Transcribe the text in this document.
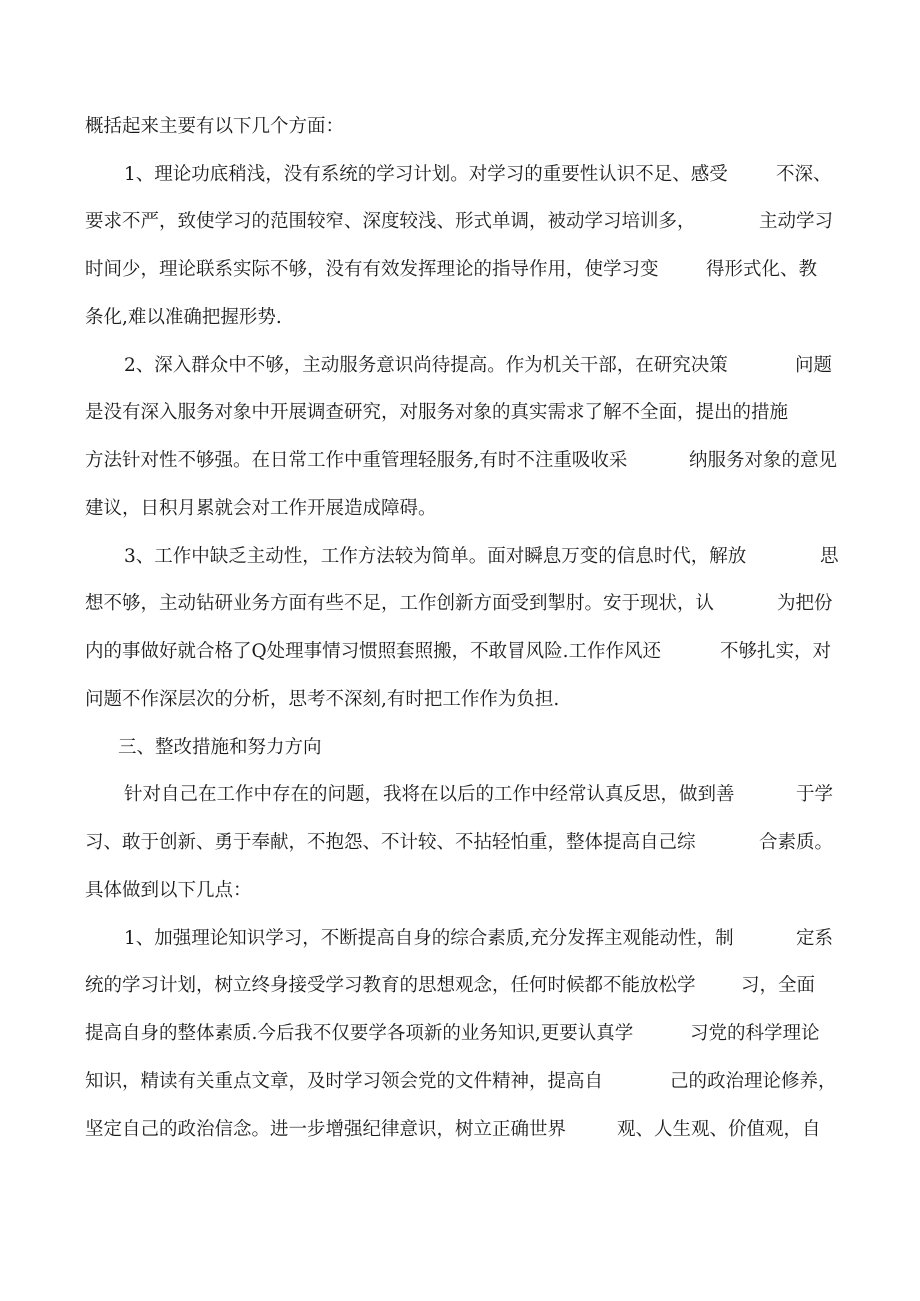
概括起来主要有以下几个方面：

1、理论功底稍浅，没有系统的学习计划。对学习的重要性认识不足、感受	不深、

要求不严，致使学习的范围较窄、深度较浅、形式单调，被动学习培训多，	主动学习

时间少，理论联系实际不够，没有有效发挥理论的指导作用，使学习变	得形式化、教

条化,难以准确把握形势.

2、深入群众中不够，主动服务意识尚待提高。作为机关干部，在研究决策	问题

是没有深入服务对象中开展调查研究，对服务对象的真实需求了解不全面，提出的措施

方法针对性不够强。在日常工作中重管理轻服务,有时不注重吸收采	纳服务对象的意见

建议，日积月累就会对工作开展造成障碍。

3、工作中缺乏主动性，工作方法较为简单。面对瞬息万变的信息时代，解放	思

想不够，主动钻研业务方面有些不足，工作创新方面受到掣肘。安于现状，认	为把份

内的事做好就合格了Q处理事情习惯照套照搬，不敢冒风险.工作作风还	不够扎实，对

问题不作深层次的分析，思考不深刻,有时把工作作为负担.

三、整改措施和努力方向

针对自己在工作中存在的问题，我将在以后的工作中经常认真反思，做到善	于学

习、敢于创新、勇于奉献，不抱怨、不计较、不拈轻怕重，整体提高自己综	合素质。

具体做到以下几点：

1、加强理论知识学习，不断提高自身的综合素质,充分发挥主观能动性，制	定系

统的学习计划，树立终身接受学习教育的思想观念，任何时候都不能放松学 习，全面

提高自身的整体素质.今后我不仅要学各项新的业务知识,更要认真学	习党的科学理论

知识，精读有关重点文章，及时学习领会党的文件精神，提高自	己的政治理论修养，

坚定自己的政治信念。进一步增强纪律意识，树立正确世界	观、人生观、价值观，自
